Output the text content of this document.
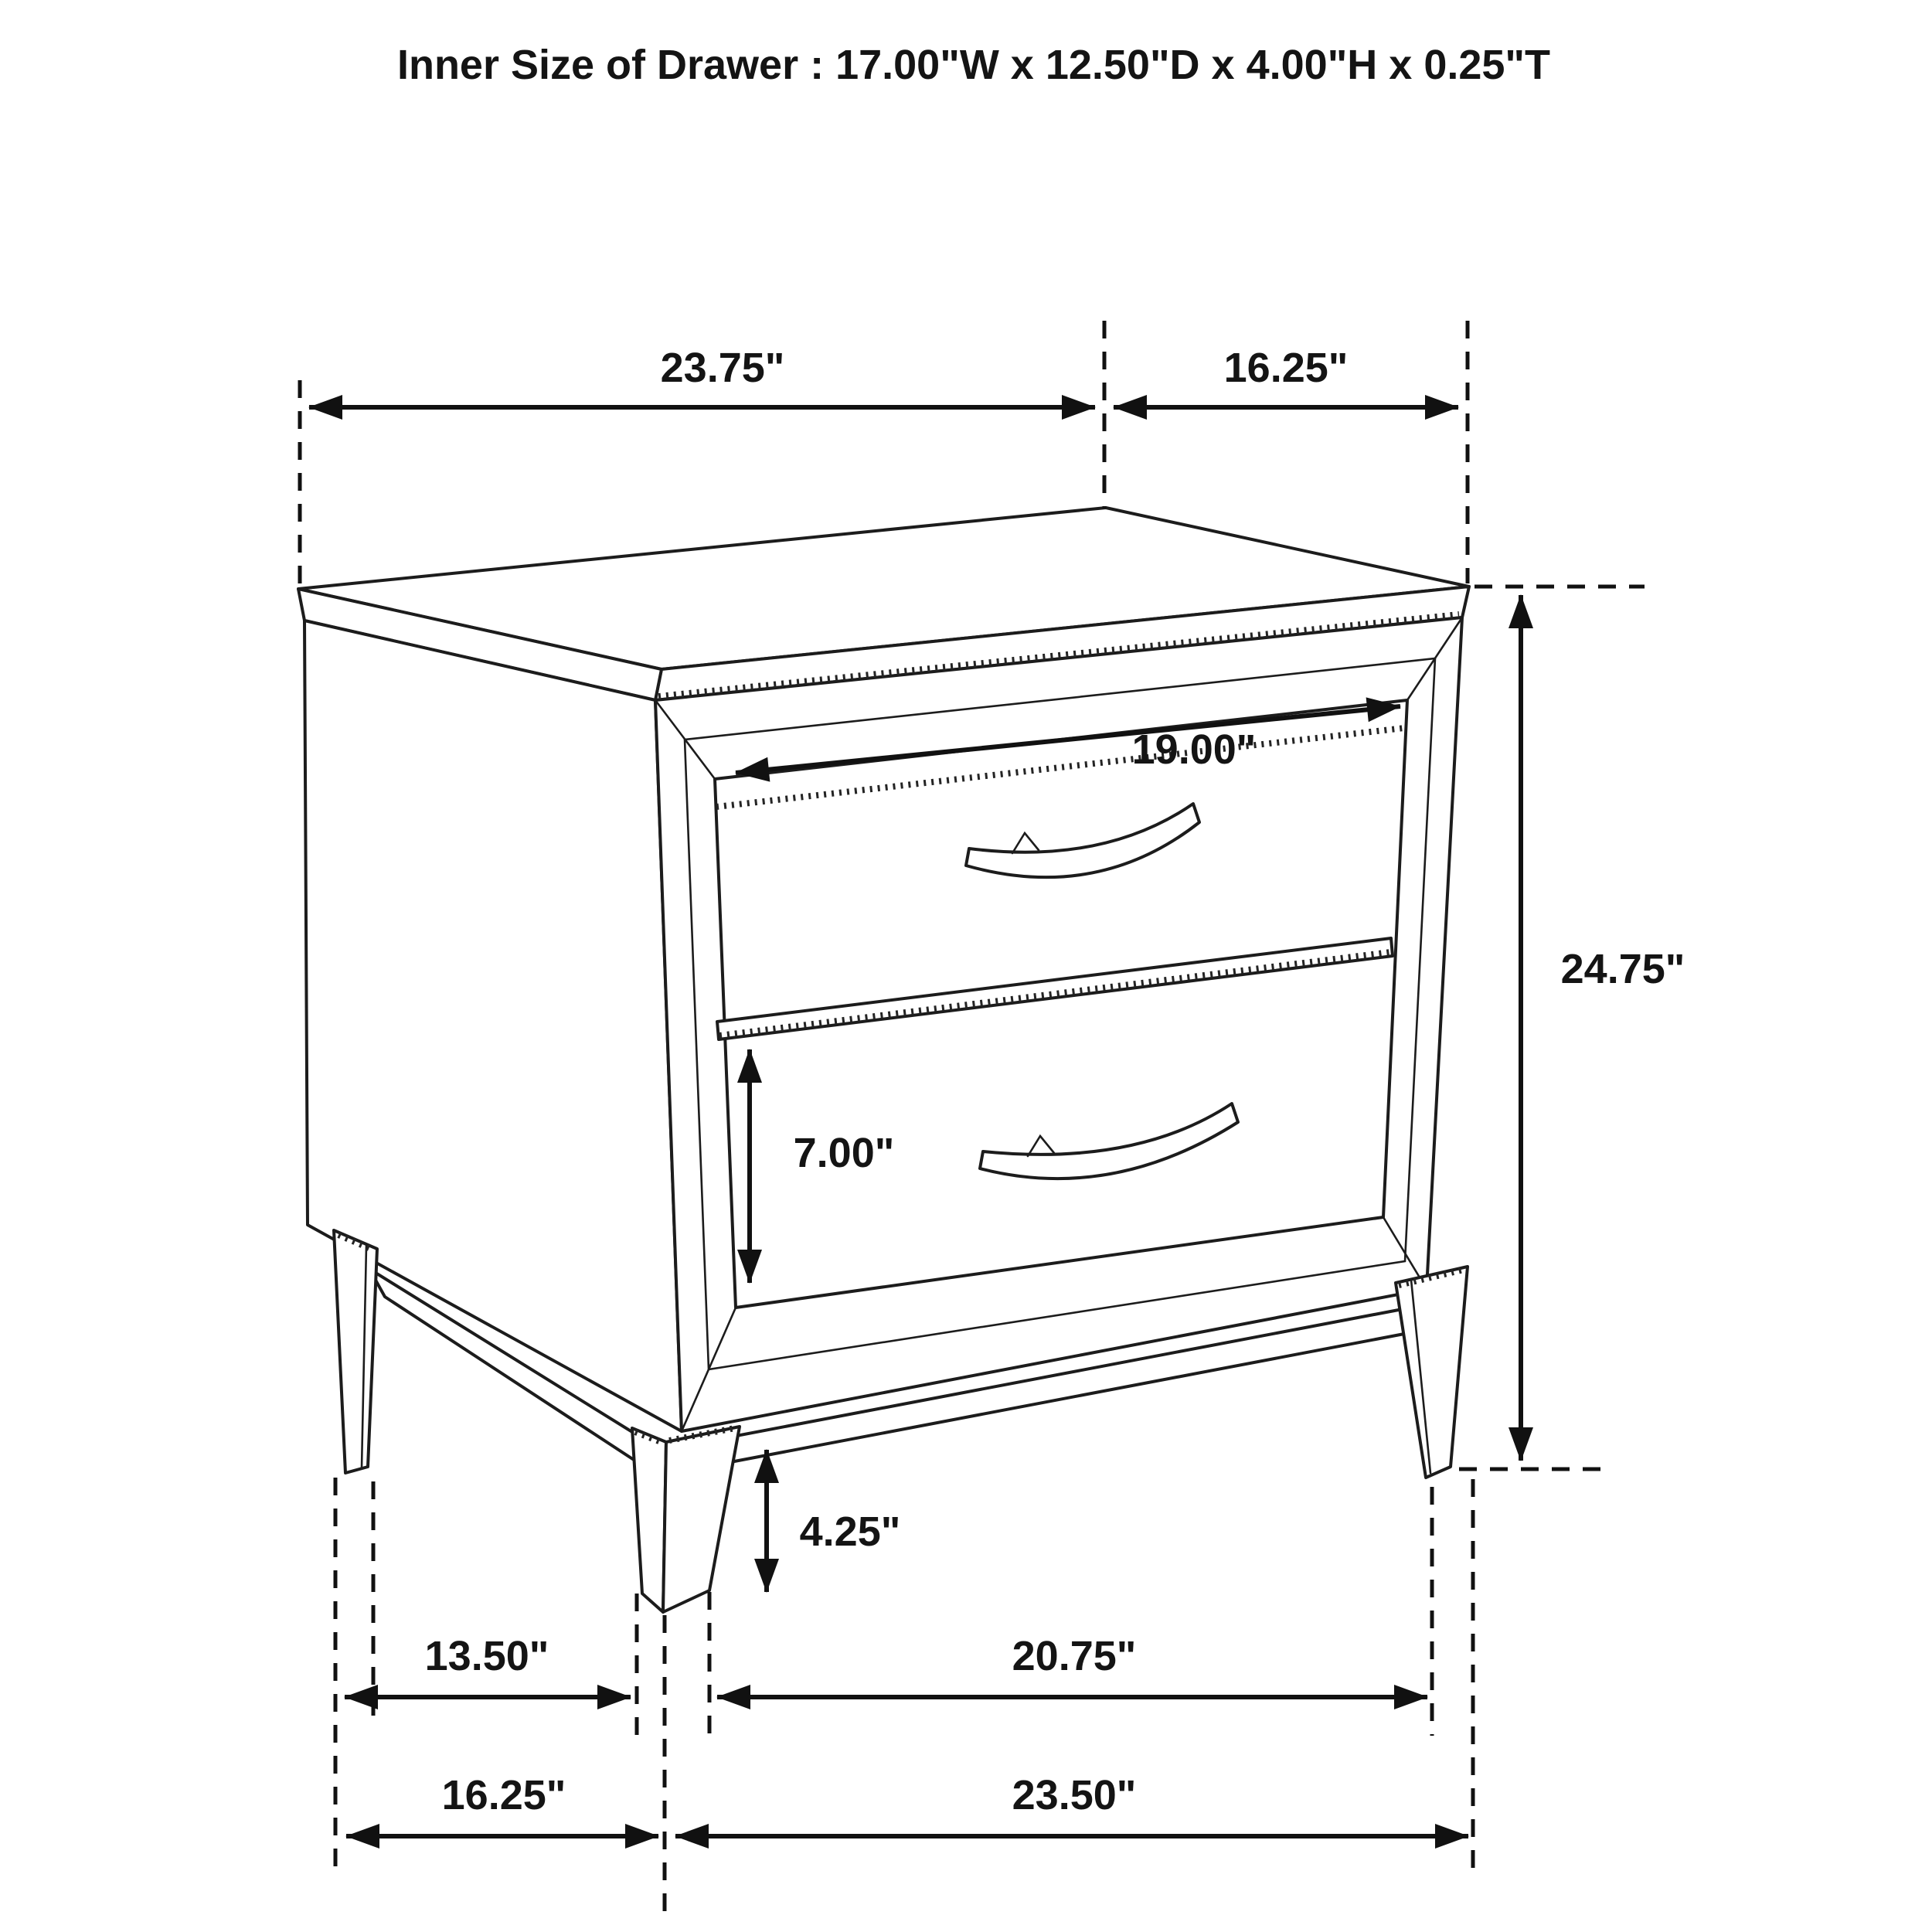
Inner Size of Drawer : 17.00"W x 12.50"D x 4.00"H x 0.25"T
23.75"	16.25"
24.75"
19.00"
7.00"
4.25"
13.50"	20.75"
16.25"	23.50"
